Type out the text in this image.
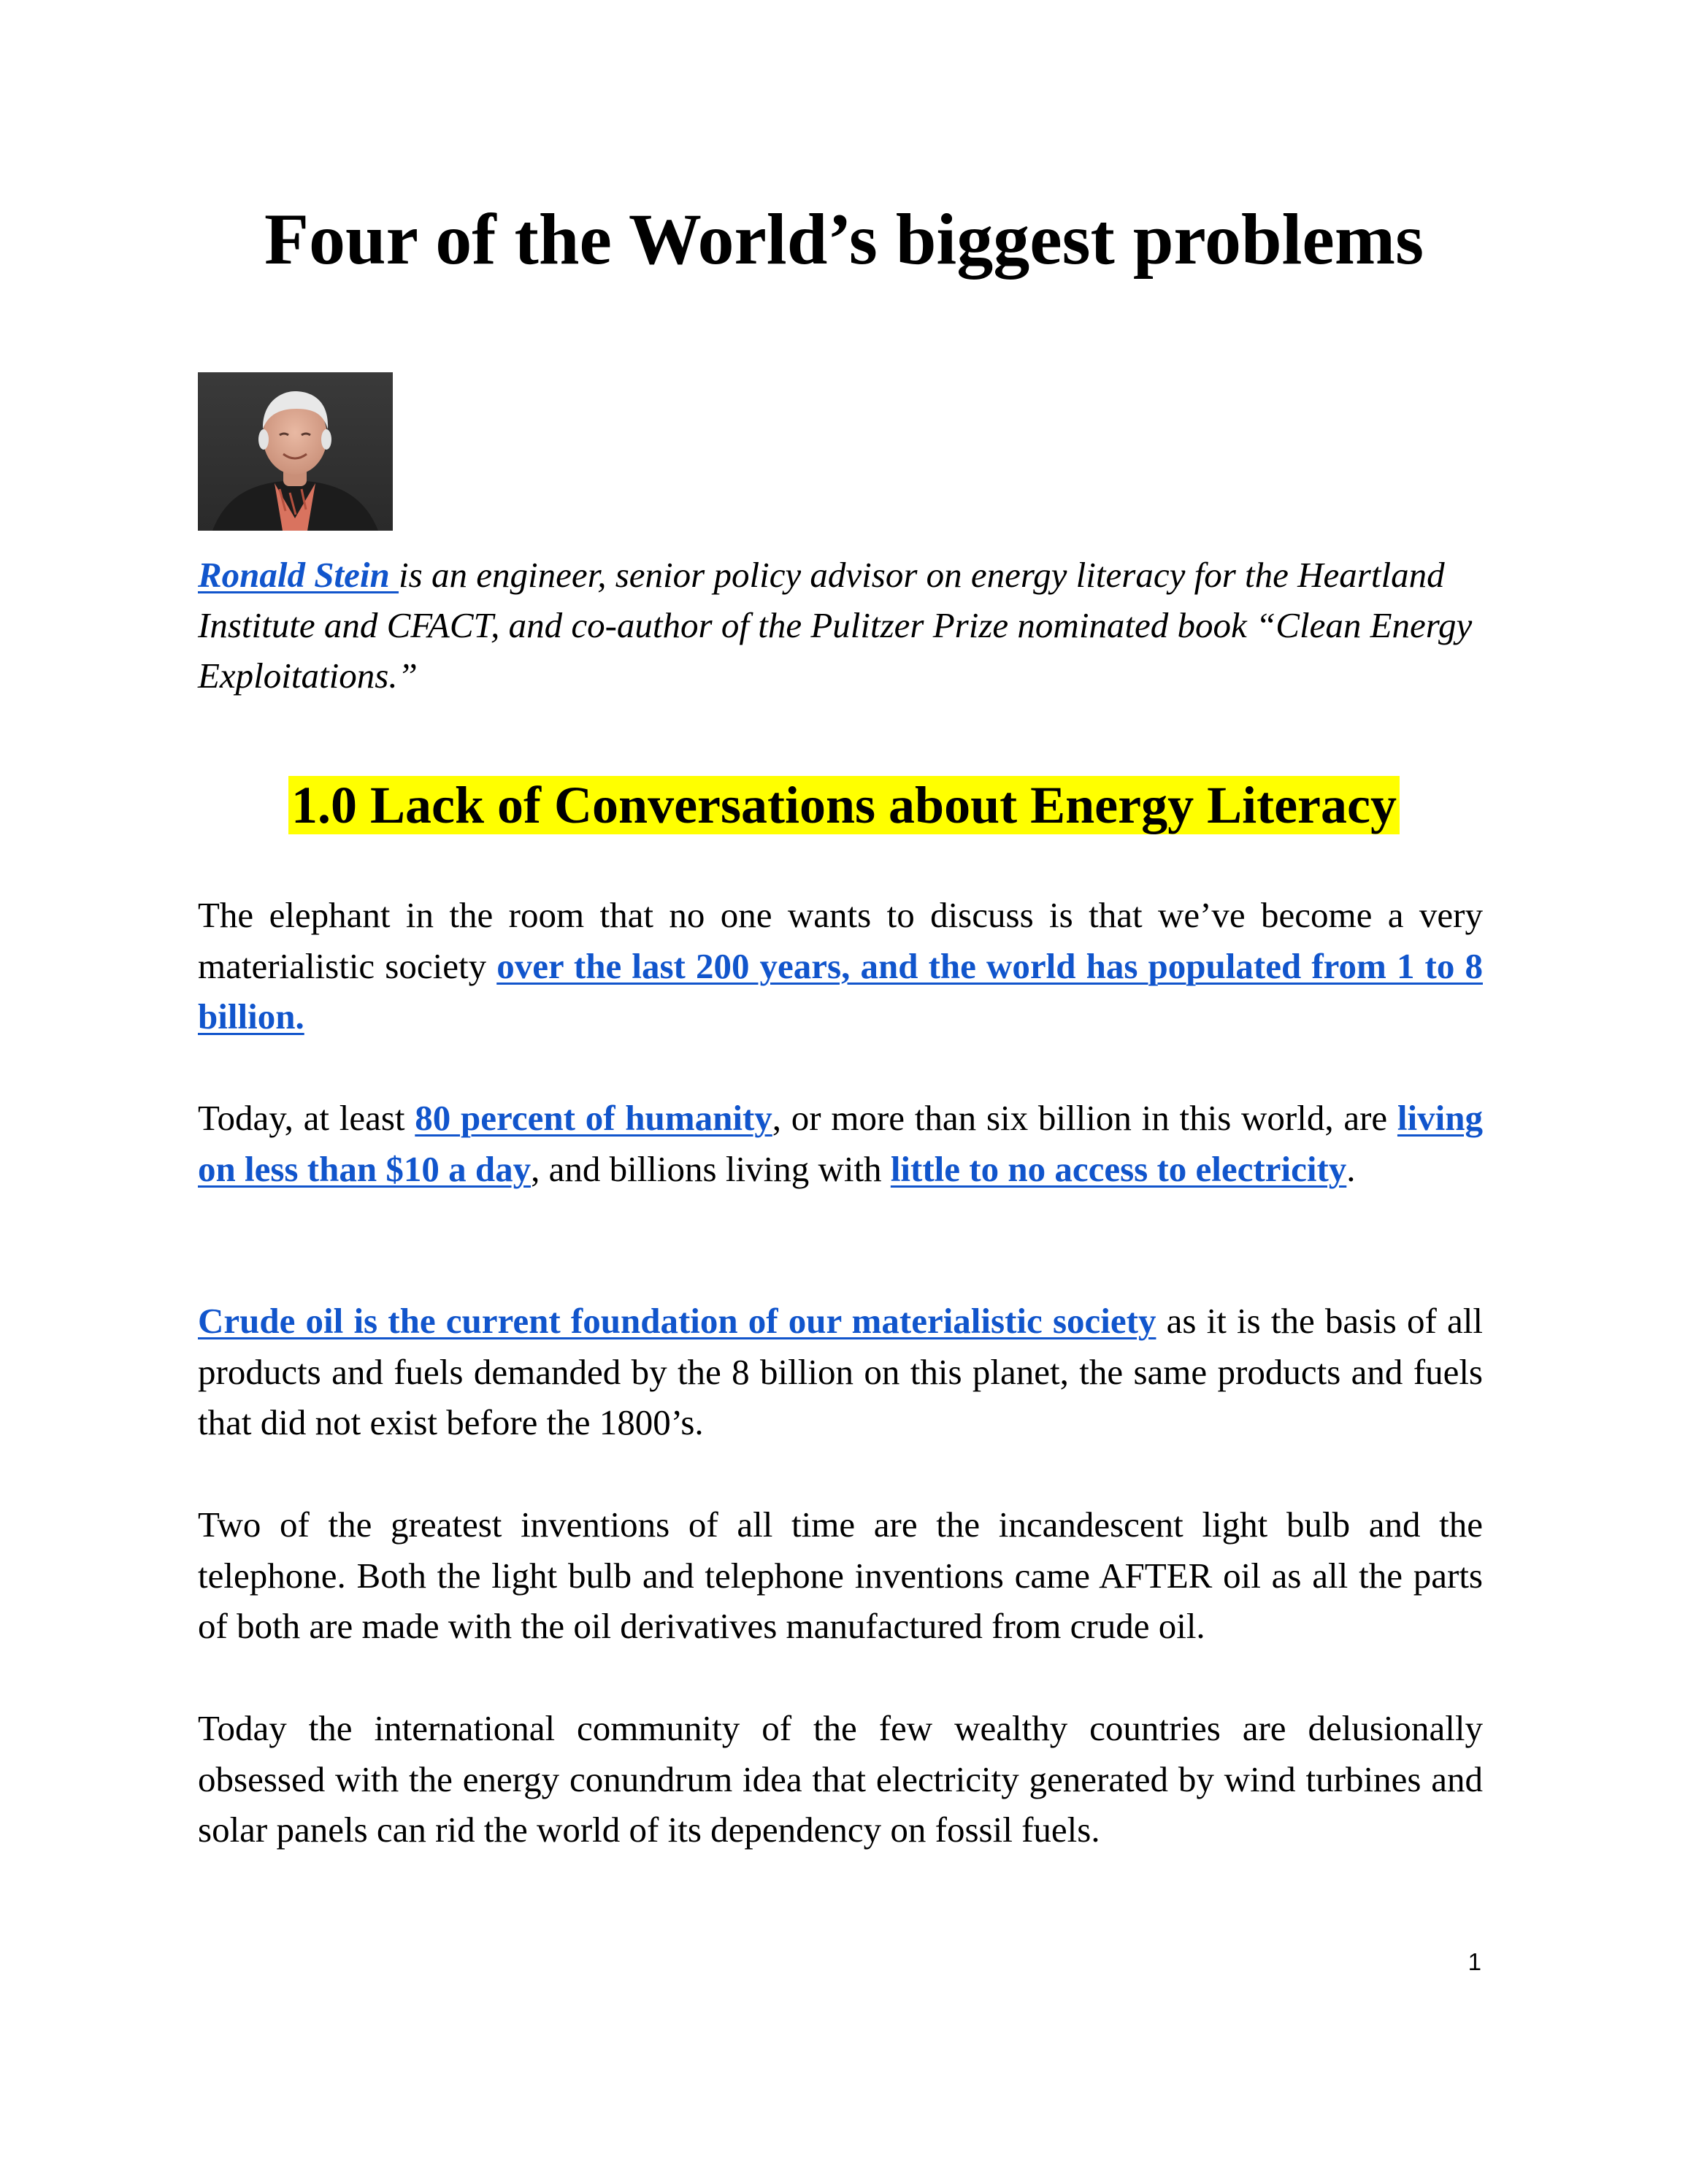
Four of the World’s biggest problems

Ronald Stein is an engineer, senior policy advisor on energy literacy for the Heartland Institute and CFACT, and co-author of the Pulitzer Prize nominated book “Clean Energy Exploitations.”

1.0 Lack of Conversations about Energy Literacy

The elephant in the room that no one wants to discuss is that we’ve become a very materialistic society over the last 200 years, and the world has populated from 1 to 8 billion.

Today, at least 80 percent of humanity, or more than six billion in this world, are living on less than $10 a day, and billions living with little to no access to electricity.

Crude oil is the current foundation of our materialistic society as it is the basis of all products and fuels demanded by the 8 billion on this planet, the same products and fuels that did not exist before the 1800’s.

Two of the greatest inventions of all time are the incandescent light bulb and the telephone. Both the light bulb and telephone inventions came AFTER oil as all the parts of both are made with the oil derivatives manufactured from crude oil.

Today the international community of the few wealthy countries are delusionally obsessed with the energy conundrum idea that electricity generated by wind turbines and solar panels can rid the world of its dependency on fossil fuels.

1
